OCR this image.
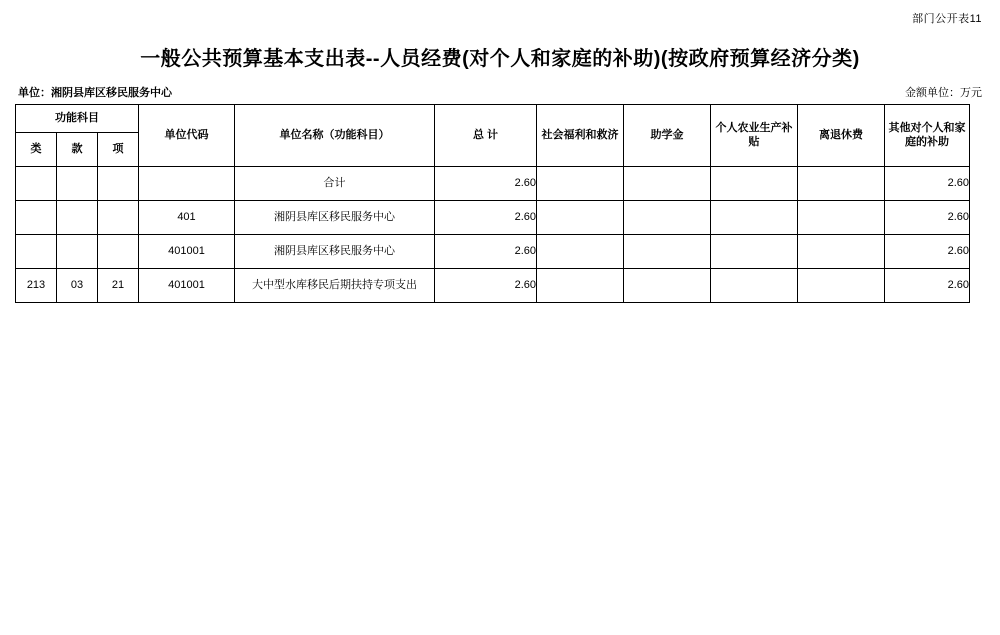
部门公开表11
一般公共预算基本支出表--人员经费(对个人和家庭的补助)(按政府预算经济分类)
单位：湘阴县库区移民服务中心	金额单位：万元
功能科目			单位代码	单位名称（功能科目）	总 计	社会福利和救济	助学金	个人农业生产补贴	离退休费	其他对个人和家庭的补助
类	款	项								
				合计	2.60					2.60
			401	湘阴县库区移民服务中心	2.60					2.60
			401001	湘阴县库区移民服务中心	2.60					2.60
213	03	21	401001	大中型水库移民后期扶持专项支出	2.60					2.60
